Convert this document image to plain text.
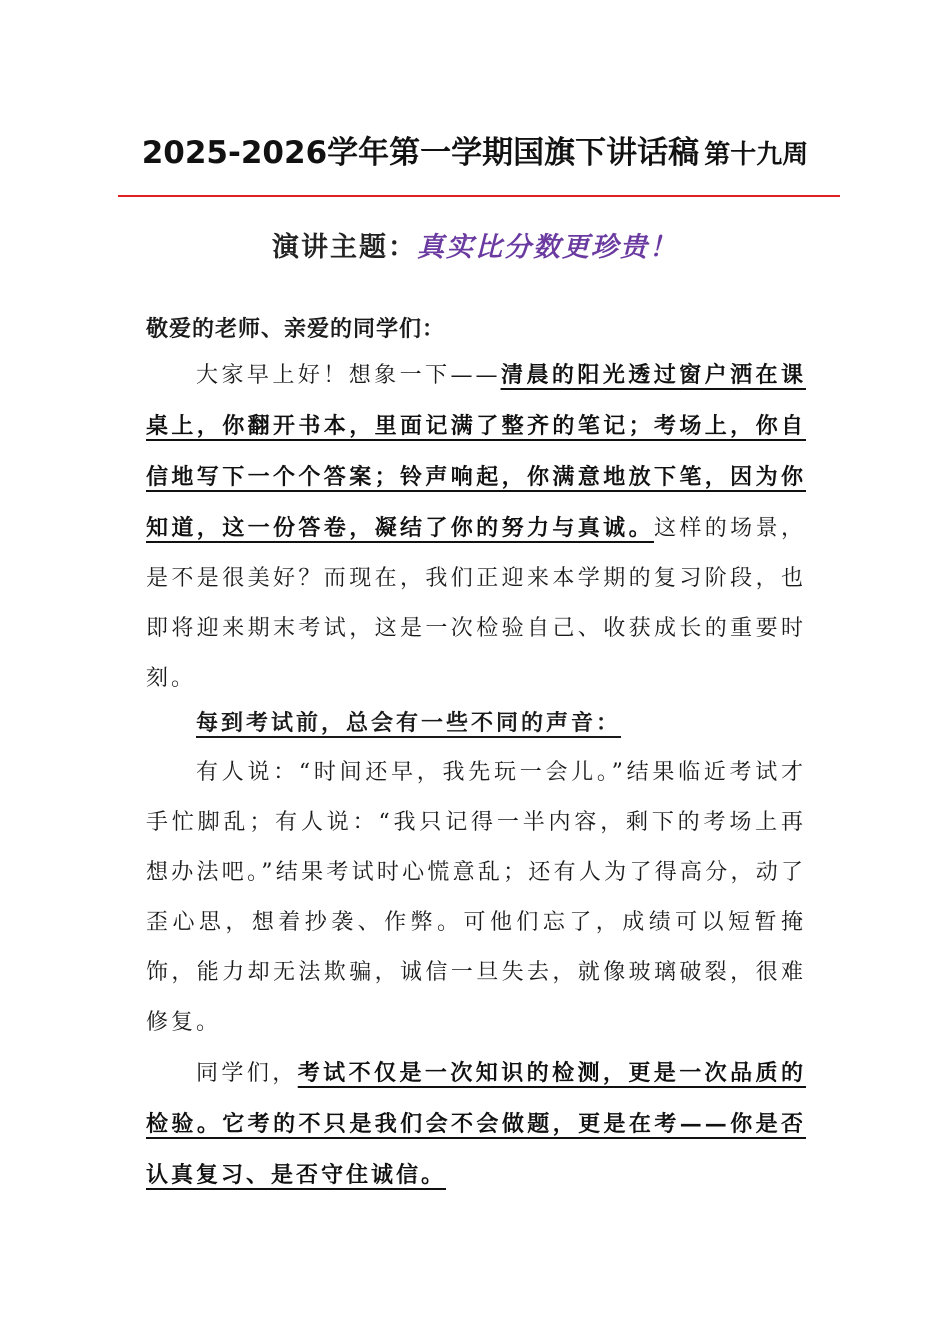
2025-2026学年第一学期国旗下讲话稿 第十九周
演讲主题：真实比分数更珍贵！
敬爱的老师、亲爱的同学们：
大家早上好！想象一下——清晨的阳光透过窗户洒在课桌上，你翻开书本，里面记满了整齐的笔记；考场上，你自信地写下一个个答案；铃声响起，你满意地放下笔，因为你知道，这一份答卷，凝结了你的努力与真诚。这样的场景，是不是很美好？而现在，我们正迎来本学期的复习阶段，也即将迎来期末考试，这是一次检验自己、收获成长的重要时刻。
每到考试前，总会有一些不同的声音：
有人说：“时间还早，我先玩一会儿。”结果临近考试才手忙脚乱；有人说：“我只记得一半内容，剩下的考场上再想办法吧。”结果考试时心慌意乱；还有人为了得高分，动了歪心思，想着抄袭、作弊。可他们忘了，成绩可以短暂掩饰，能力却无法欺骗，诚信一旦失去，就像玻璃破裂，很难修复。
同学们，考试不仅是一次知识的检测，更是一次品质的检验。它考的不只是我们会不会做题，更是在考——你是否认真复习、是否守住诚信。
